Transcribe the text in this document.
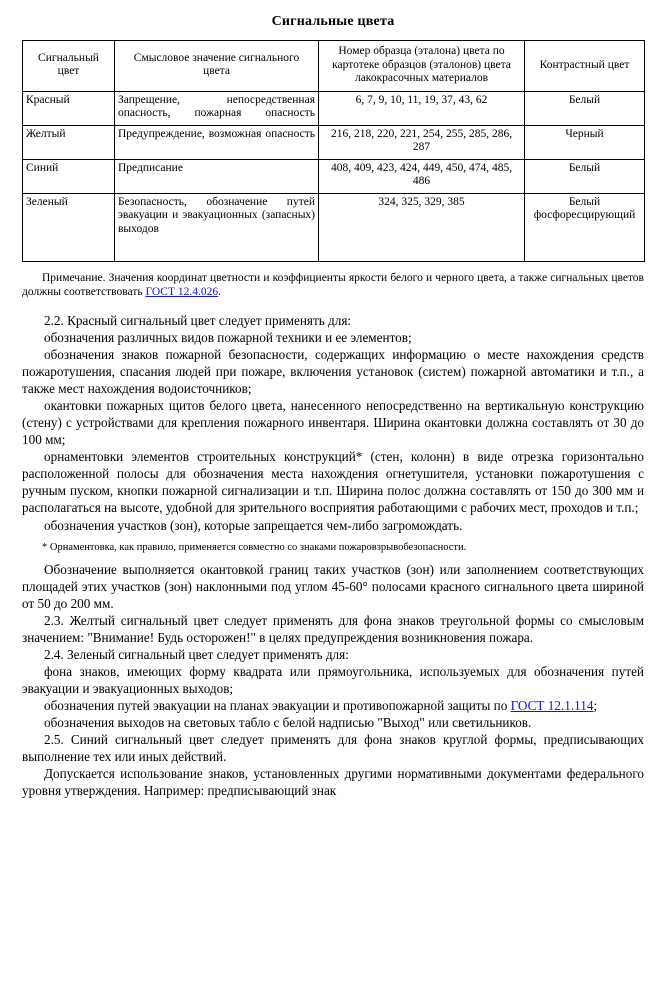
Сигнальные цвета
Сигнальный цвет	Смысловое значение сигнального цвета	Номер образца (эталона) цвета по картотеке образцов (эталонов) цвета лакокрасочных материалов	Контрастный цвет
Красный	Запрещение, непосредственная опасность, пожарная опасность	6, 7, 9, 10, 11, 19, 37, 43, 62	Белый
Желтый	Предупреждение, возможная опасность	216, 218, 220, 221, 254, 255, 285, 286, 287	Черный
Синий	Предписание	408, 409, 423, 424, 449, 450, 474, 485, 486	Белый
Зеленый	Безопасность, обозначение путей эвакуации и эвакуационных (запасных) выходов	324, 325, 329, 385	Белый фосфоресцирующий

Примечание. Значения координат цветности и коэффициенты яркости белого и черного цвета, а также сигнальных цветов должны соответствовать ГОСТ 12.4.026.

2.2. Красный сигнальный цвет следует применять для:

обозначения различных видов пожарной техники и ее элементов;

обозначения знаков пожарной безопасности, содержащих информацию о месте нахождения средств пожаротушения, спасания людей при пожаре, включения установок (систем) пожарной автоматики и т.п., а также мест нахождения водоисточников;

окантовки пожарных щитов белого цвета, нанесенного непосредственно на вертикальную конструкцию (стену) с устройствами для крепления пожарного инвентаря. Ширина окантовки должна составлять от 30 до 100 мм;

орнаментовки элементов строительных конструкций* (стен, колонн) в виде отрезка горизонтально расположенной полосы для обозначения места нахождения огнетушителя, установки пожаротушения с ручным пуском, кнопки пожарной сигнализации и т.п. Ширина полос должна составлять от 150 до 300 мм и располагаться на высоте, удобной для зрительного восприятия работающими с рабочих мест, проходов и т.п.;

обозначения участков (зон), которые запрещается чем-либо загромождать.

* Орнаментовка, как правило, применяется совместно со знаками пожаровзрывобезопасности.

Обозначение выполняется окантовкой границ таких участков (зон) или заполнением соответствующих площадей этих участков (зон) наклонными под углом 45-60° полосами красного сигнального цвета шириной от 50 до 200 мм.

2.3. Желтый сигнальный цвет следует применять для фона знаков треугольной формы со смысловым значением: "Внимание! Будь осторожен!" в целях предупреждения возникновения пожара.

2.4. Зеленый сигнальный цвет следует применять для:

фона знаков, имеющих форму квадрата или прямоугольника, используемых для обозначения путей эвакуации и эвакуационных выходов;

обозначения путей эвакуации на планах эвакуации и противопожарной защиты по ГОСТ 12.1.114;

обозначения выходов на световых табло с белой надписью "Выход" или светильников.

2.5. Синий сигнальный цвет следует применять для фона знаков круглой формы, предписывающих выполнение тех или иных действий.

Допускается использование знаков, установленных другими нормативными документами федерального уровня утверждения. Например: предписывающий знак
